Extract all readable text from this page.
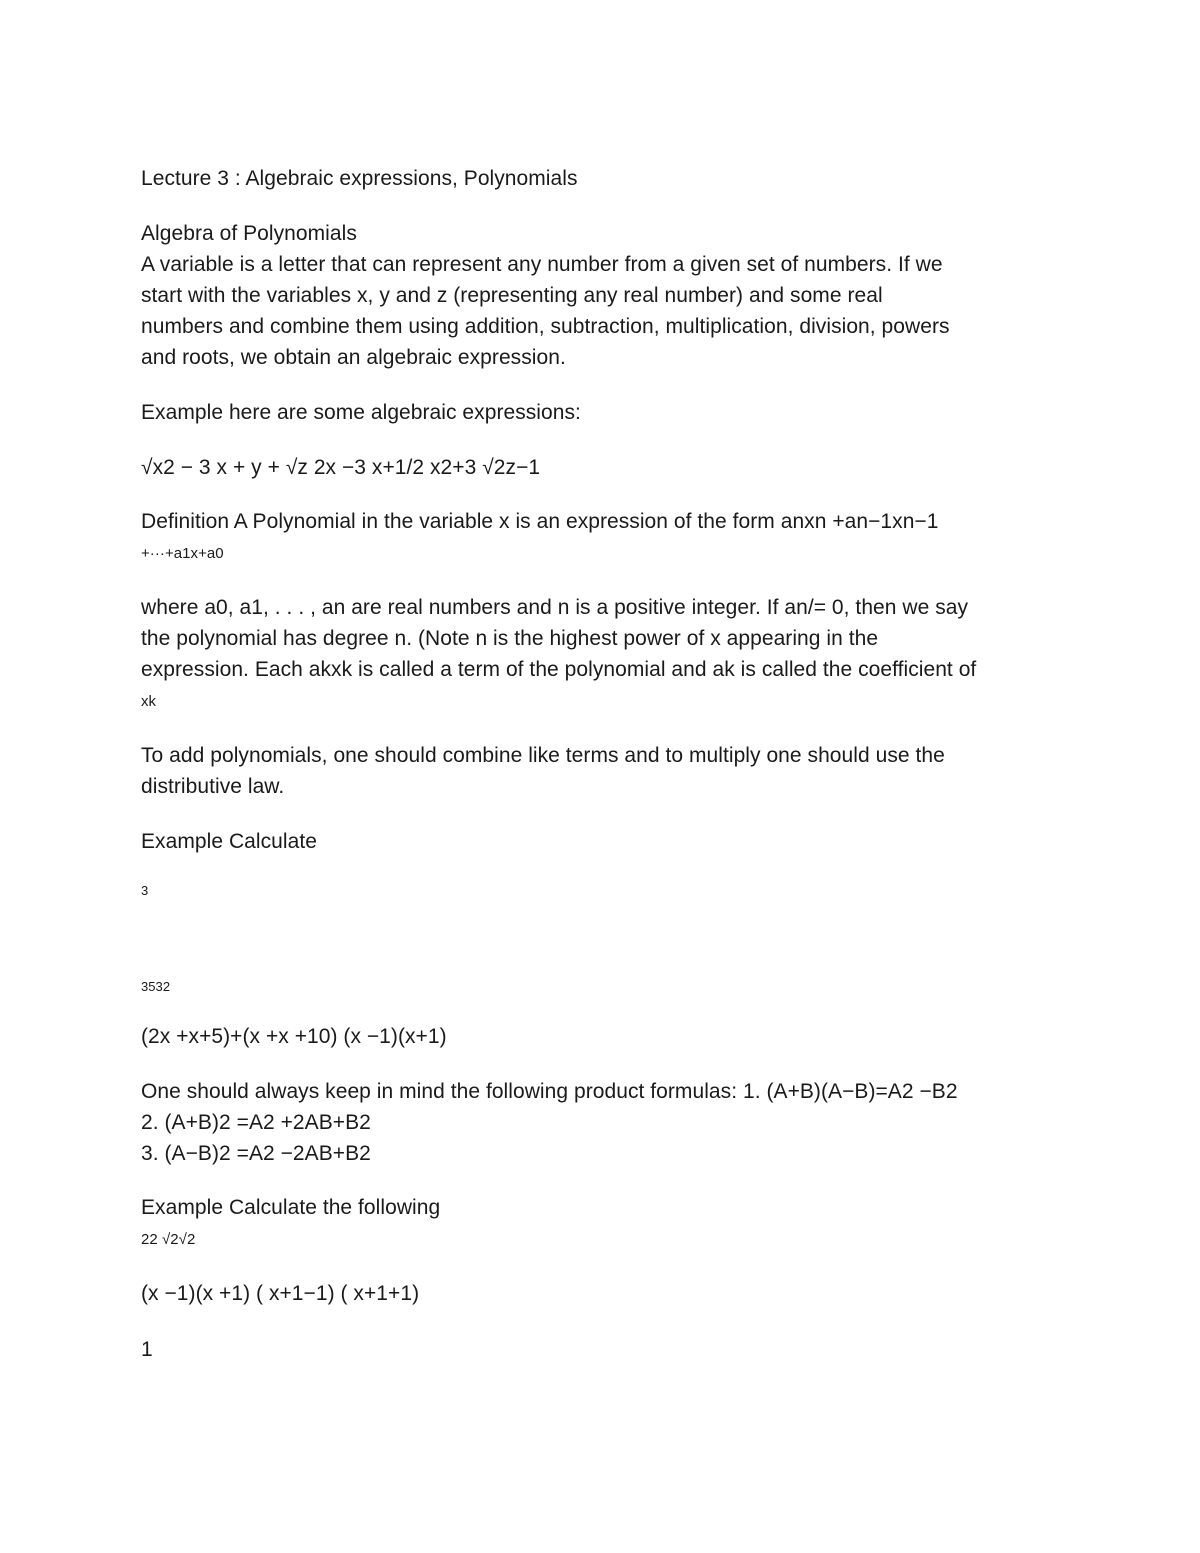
Lecture 3 : Algebraic expressions, Polynomials

Algebra of Polynomials

A variable is a letter that can represent any number from a given set of numbers. If we

start with the variables x, y and z (representing any real number) and some real

numbers and combine them using addition, subtraction, multiplication, division, powers

and roots, we obtain an algebraic expression.

Example here are some algebraic expressions:

√x2 − 3 x + y + √z 2x −3 x+1/2 x2+3 √2z−1

Definition A Polynomial in the variable x is an expression of the form anxn +an−1xn−1

+···+a1x+a0

where a0, a1, . . . , an are real numbers and n is a positive integer. If an/= 0, then we say

the polynomial has degree n. (Note n is the highest power of x appearing in the

expression. Each akxk is called a term of the polynomial and ak is called the coefficient of

xk

To add polynomials, one should combine like terms and to multiply one should use the

distributive law.

Example Calculate

3

3532

(2x +x+5)+(x +x +10) (x −1)(x+1)

One should always keep in mind the following product formulas: 1. (A+B)(A−B)=A2 −B2

2. (A+B)2 =A2 +2AB+B2

3. (A−B)2 =A2 −2AB+B2

Example Calculate the following

22 √2√2

(x −1)(x +1) ( x+1−1) ( x+1+1)

1
